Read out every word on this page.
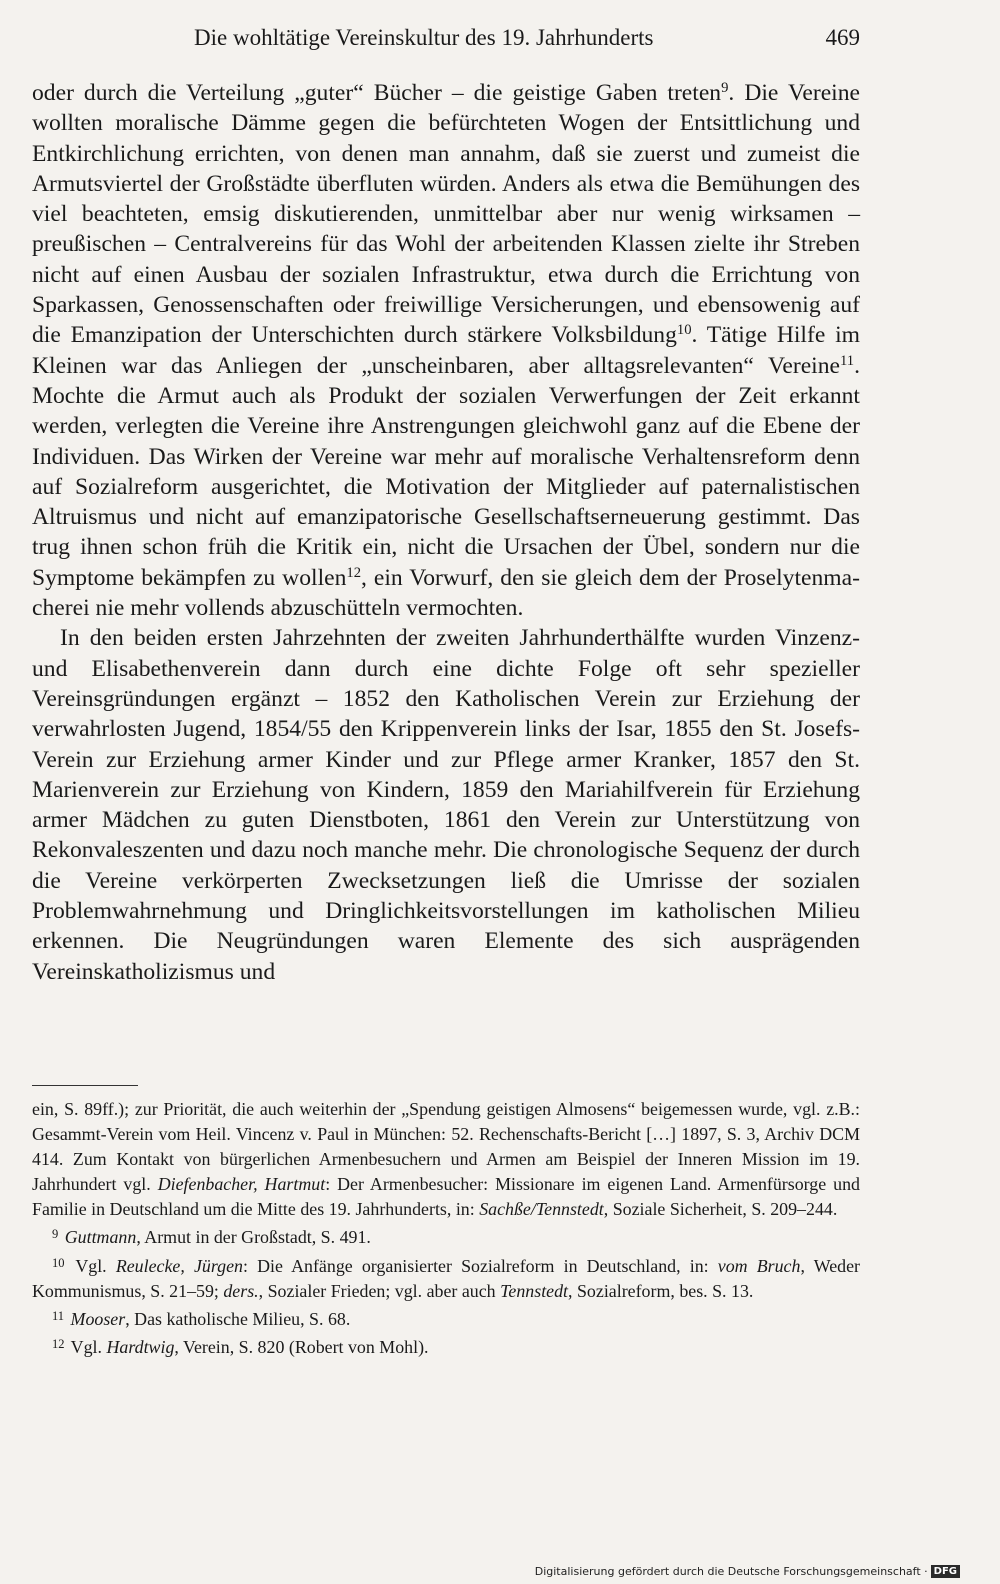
Die wohltätige Vereinskultur des 19. Jahrhunderts	469

oder durch die Verteilung „guter“ Bücher – die geistige Gaben treten$^9$. Die Vereine wollten moralische Dämme gegen die befürchteten Wogen der Entsittlichung und Entkirchlichung errichten, von denen man annahm, daß sie zuerst und zumeist die Armutsviertel der Großstädte überfluten würden. Anders als etwa die Bemühungen des viel beachteten, emsig diskutierenden, unmittelbar aber nur wenig wirksamen – preußischen – Centralvereins für das Wohl der arbeitenden Klassen zielte ihr Streben nicht auf einen Ausbau der sozialen Infrastruktur, etwa durch die Errichtung von Sparkassen, Genossenschaften oder freiwillige Versicherungen, und ebensowenig auf die Emanzipation der Unterschichten durch stärkere Volksbildung$^{10}$. Tätige Hilfe im Kleinen war das Anliegen der „unscheinbaren, aber alltagsrelevanten“ Vereine$^{11}$. Mochte die Armut auch als Produkt der sozialen Verwerfungen der Zeit erkannt werden, verlegten die Vereine ihre Anstrengungen gleichwohl ganz auf die Ebene der Individuen. Das Wirken der Vereine war mehr auf moralische Verhaltensreform denn auf Sozialreform ausgerichtet, die Motivation der Mitglieder auf paternalistischen Altruismus und nicht auf emanzipatorische Gesellschaftserneuerung gestimmt. Das trug ihnen schon früh die Kritik ein, nicht die Ursachen der Übel, sondern nur die Symptome bekämpfen zu wollen$^{12}$, ein Vorwurf, den sie gleich dem der Proselytenmacherei nie mehr vollends abzuschütteln vermochten.

In den beiden ersten Jahrzehnten der zweiten Jahrhunderthälfte wurden Vinzenz- und Elisabethenverein dann durch eine dichte Folge oft sehr spezieller Vereinsgründungen ergänzt – 1852 den Katholischen Verein zur Erziehung der verwahrlosten Jugend, 1854/55 den Krippenverein links der Isar, 1855 den St. Josefs-Verein zur Erziehung armer Kinder und zur Pflege armer Kranker, 1857 den St. Marienverein zur Erziehung von Kindern, 1859 den Mariahilfverein für Erziehung armer Mädchen zu guten Dienstboten, 1861 den Verein zur Unterstützung von Rekonvaleszenten und dazu noch manche mehr. Die chronologische Sequenz der durch die Vereine verkörperten Zwecksetzungen ließ die Umrisse der sozialen Problemwahrnehmung und Dringlichkeitsvorstellungen im katholischen Milieu erkennen. Die Neugründungen waren Elemente des sich ausprägenden Vereinskatholizismus und

ein, S. 89ff.); zur Priorität, die auch weiterhin der „Spendung geistigen Almosens“ beigemessen wurde, vgl. z.B.: Gesammt-Verein vom Heil. Vincenz v. Paul in München: 52. Rechenschafts-Bericht […] 1897, S. 3, Archiv DCM 414. Zum Kontakt von bürgerlichen Armenbesuchern und Armen am Beispiel der Inneren Mission im 19. Jahrhundert vgl. Diefenbacher, Hartmut: Der Armenbesucher: Missionare im eigenen Land. Armenfürsorge und Familie in Deutschland um die Mitte des 19. Jahrhunderts, in: Sachße/Tennstedt, Soziale Sicherheit, S. 209–244.

$^9$ Guttmann, Armut in der Großstadt, S. 491.

$^{10}$ Vgl. Reulecke, Jürgen: Die Anfänge organisierter Sozialreform in Deutschland, in: vom Bruch, Weder Kommunismus, S. 21–59; ders., Sozialer Frieden; vgl. aber auch Tennstedt, Sozialreform, bes. S. 13.

$^{11}$ Mooser, Das katholische Milieu, S. 68.

$^{12}$ Vgl. Hardtwig, Verein, S. 820 (Robert von Mohl).

Digitalisierung gefördert durch die Deutsche Forschungsgemeinschaft · DFG
